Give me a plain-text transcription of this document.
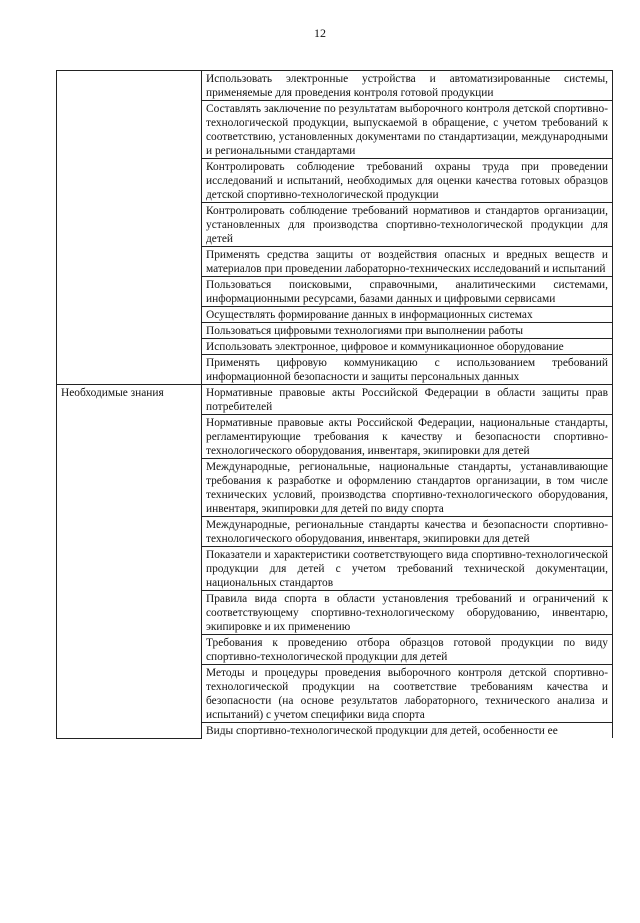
12
	Использовать электронные устройства и автоматизированные системы, применяемые для проведения контроля готовой продукции
	Составлять заключение по результатам выборочного контроля детской спортивно-технологической продукции, выпускаемой в обращение, с учетом требований к соответствию, установленных документами по стандартизации, международными и региональными стандартами
	Контролировать соблюдение требований охраны труда при проведении исследований и испытаний, необходимых для оценки качества готовых образцов детской спортивно-технологической продукции
	Контролировать соблюдение требований нормативов и стандартов организации, установленных для производства спортивно-технологической продукции для детей
	Применять средства защиты от воздействия опасных и вредных веществ и материалов при проведении лабораторно-технических исследований и испытаний
	Пользоваться поисковыми, справочными, аналитическими системами, информационными ресурсами, базами данных и цифровыми сервисами
	Осуществлять формирование данных в информационных системах
	Пользоваться цифровыми технологиями при выполнении работы
	Использовать электронное, цифровое и коммуникационное оборудование
	Применять цифровую коммуникацию с использованием требований информационной безопасности и защиты персональных данных
Необходимые знания	Нормативные правовые акты Российской Федерации в области защиты прав потребителей
	Нормативные правовые акты Российской Федерации, национальные стандарты, регламентирующие требования к качеству и безопасности спортивно-технологического оборудования, инвентаря, экипировки для детей
	Международные, региональные, национальные стандарты, устанавливающие требования к разработке и оформлению стандартов организации, в том числе технических условий, производства спортивно-технологического оборудования, инвентаря, экипировки для детей по виду спорта
	Международные, региональные стандарты качества и безопасности спортивно-технологического оборудования, инвентаря, экипировки для детей
	Показатели и характеристики соответствующего вида спортивно-технологической продукции для детей с учетом требований технической документации, национальных стандартов
	Правила вида спорта в области установления требований и ограничений к соответствующему спортивно-технологическому оборудованию, инвентарю, экипировке и их применению
	Требования к проведению отбора образцов готовой продукции по виду спортивно-технологической продукции для детей
	Методы и процедуры проведения выборочного контроля детской спортивно-технологической продукции на соответствие требованиям качества и безопасности (на основе результатов лабораторного, технического анализа и испытаний) с учетом специфики вида спорта
	Виды спортивно-технологической продукции для детей, особенности ее
